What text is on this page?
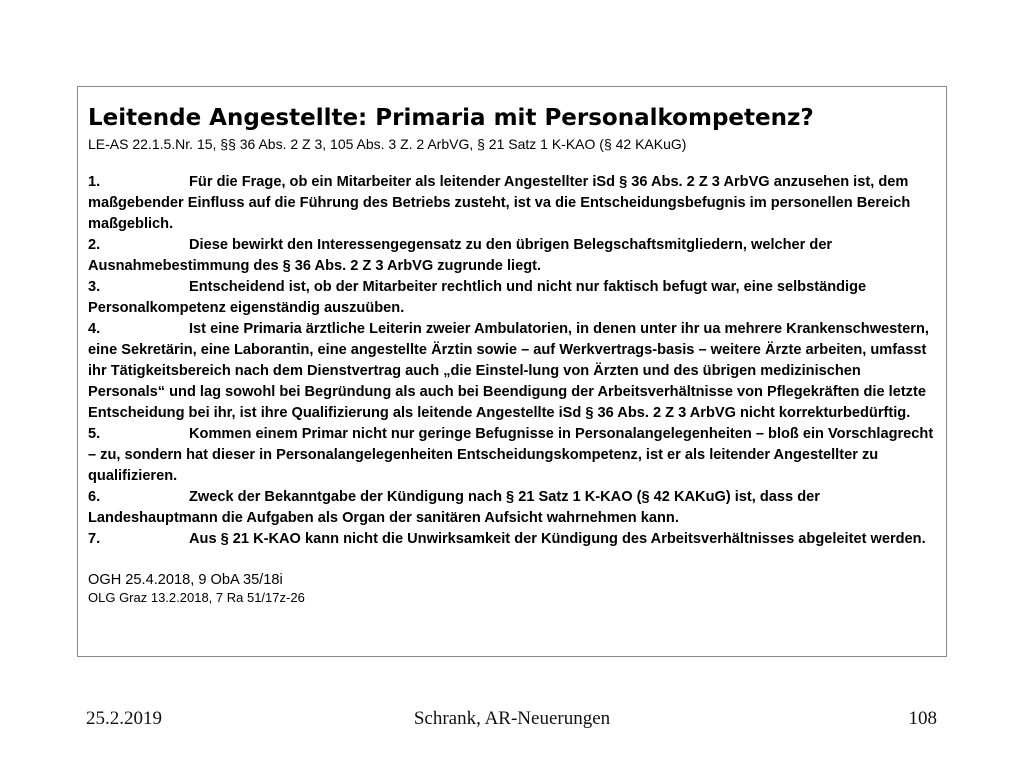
Leitende Angestellte: Primaria mit Personalkompetenz?

LE-AS 22.1.5.Nr. 15, §§ 36 Abs. 2 Z 3, 105 Abs. 3 Z. 2 ArbVG, § 21 Satz 1 K-KAO (§ 42 KAKuG)

1.	Für die Frage, ob ein Mitarbeiter als leitender Angestellter iSd § 36 Abs. 2 Z 3 ArbVG anzusehen ist, dem maßgebender Einfluss auf die Führung des Betriebs zusteht, ist va die Entscheidungsbefugnis im personellen Bereich maßgeblich.

2.	Diese bewirkt den Interessengegensatz zu den übrigen Belegschaftsmitgliedern, welcher der Ausnahmebestimmung des § 36 Abs. 2 Z 3 ArbVG zugrunde liegt.

3.	Entscheidend ist, ob der Mitarbeiter rechtlich und nicht nur faktisch befugt war, eine selbständige Personalkompetenz eigenständig auszuüben.

4.	Ist eine Primaria ärztliche Leiterin zweier Ambulatorien, in denen unter ihr ua mehrere Krankenschwestern, eine Sekretärin, eine Laborantin, eine angestellte Ärztin sowie – auf Werkvertrags-basis – weitere Ärzte arbeiten, umfasst ihr Tätigkeitsbereich nach dem Dienstvertrag auch „die Einstel-lung von Ärzten und des übrigen medizinischen Personals“ und lag sowohl bei Begründung als auch bei Beendigung der Arbeitsverhältnisse von Pflegekräften die letzte Entscheidung bei ihr, ist ihre Qualifizierung als leitende Angestellte iSd § 36 Abs. 2 Z 3 ArbVG nicht korrekturbedürftig.

5.	Kommen einem Primar nicht nur geringe Befugnisse in Personalangelegenheiten – bloß ein Vorschlagrecht – zu, sondern hat dieser in Personalangelegenheiten Entscheidungskompetenz, ist er als leitender Angestellter zu qualifizieren.

6.	Zweck der Bekanntgabe der Kündigung nach § 21 Satz 1 K-KAO (§ 42 KAKuG) ist, dass der Landeshauptmann die Aufgaben als Organ der sanitären Aufsicht wahrnehmen kann.

7.	Aus § 21 K-KAO kann nicht die Unwirksamkeit der Kündigung des Arbeitsverhältnisses abgeleitet werden.

OGH 25.4.2018, 9 ObA 35/18i
OLG Graz 13.2.2018, 7 Ra 51/17z-26
25.2.2019	Schrank, AR-Neuerungen	108
